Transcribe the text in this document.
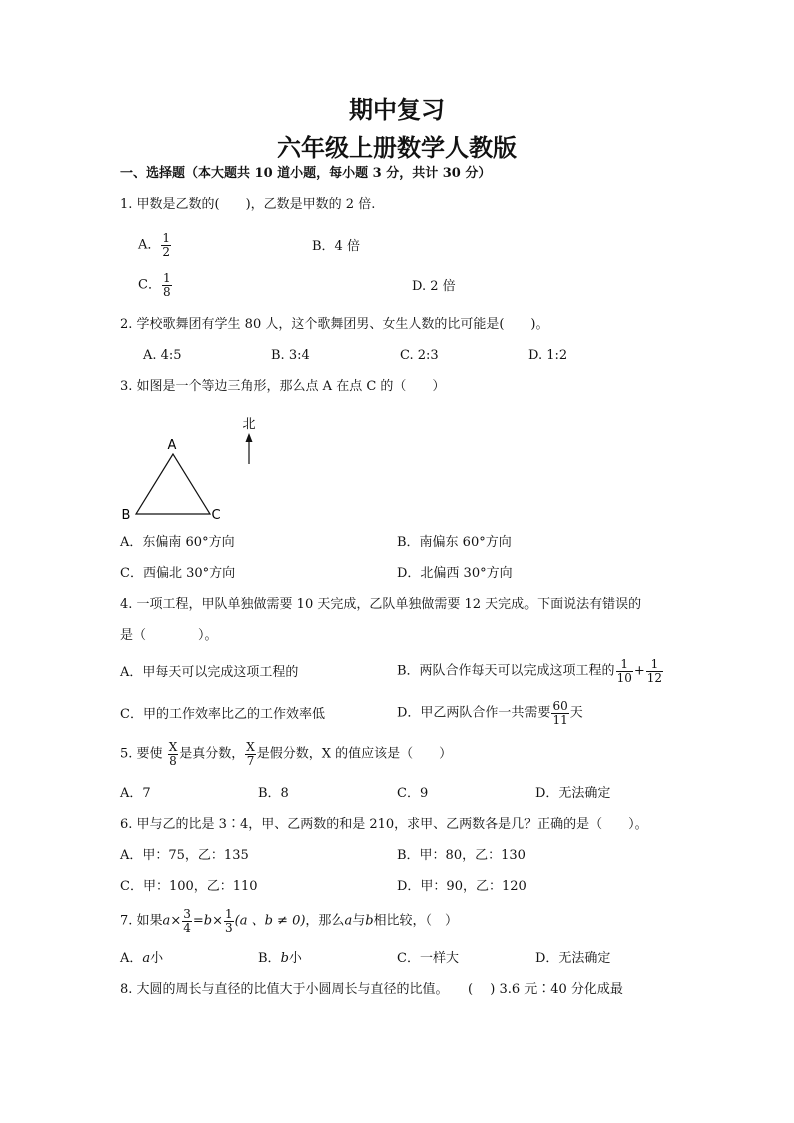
期中复习
六年级上册数学人教版
一、选择题（本大题共 10 道小题，每小题 3 分，共计 30 分）
1. 甲数是乙数的(　　)，乙数是甲数的 2 倍.
A． $\frac{1}{2}$	B．4 倍
C． $\frac{1}{8}$	D. 2 倍
2. 学校歌舞团有学生 80 人，这个歌舞团男、女生人数的比可能是(　　)。
A. 4:5	B. 3:4	C. 2:3	D. 1:2
3. 如图是一个等边三角形，那么点 A 在点 C 的（　　）
北
A
B	C
A．东偏南 60°方向	B．南偏东 60°方向
C．西偏北 30°方向	D．北偏西 30°方向
4. 一项工程，甲队单独做需要 10 天完成，乙队单独做需要 12 天完成。下面说法有错误的
是（　　　　）。
A．甲每天可以完成这项工程的	B．两队合作每天可以完成这项工程的 $\frac{1}{10} + \frac{1}{12}$
C．甲的工作效率比乙的工作效率低	D．甲乙两队合作一共需要 $\frac{60}{11}$ 天
5. 要使 $\frac{X}{8}$ 是真分数， $\frac{X}{7}$ 是假分数，X 的值应该是（　　）
A．7	B．8	C．9	D．无法确定
6. 甲与乙的比是 3∶4，甲、乙两数的和是 210，求甲、乙两数各是几？正确的是（　　）。
A．甲：75，乙：135	B．甲：80，乙：130
C．甲：100，乙：110	D．甲：90，乙：120
7. 如果$a\times \frac{3}{4} =b\times \frac{1}{3} (a$ 、b ≠ 0)，那么a与b相比较，（　）
A．a小	B．b小	C．一样大	D．无法确定
8. 大圆的周长与直径的比值大于小圆周长与直径的比值。　　(　 ) 3.6 元∶40 分化成最
